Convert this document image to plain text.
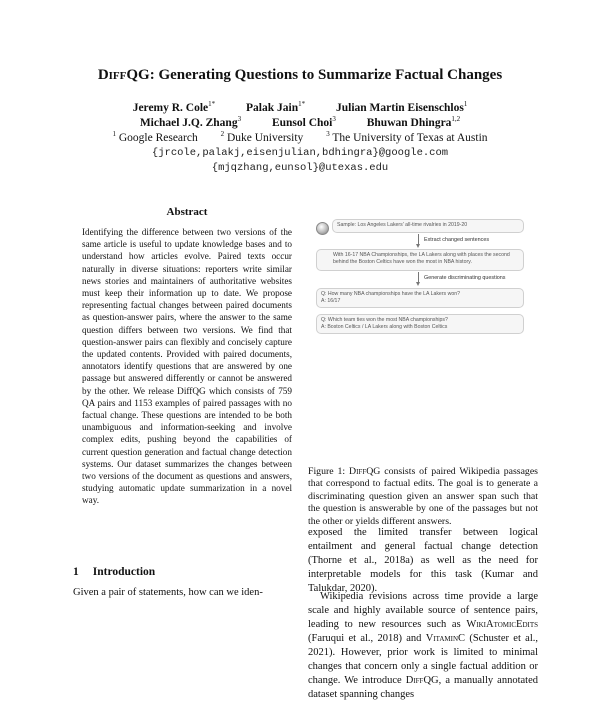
DiffQG: Generating Questions to Summarize Factual Changes
Jeremy R. Cole$^{1*}$	Palak Jain$^{1*}$	Julian Martin Eisenschlos$^1$
Michael J.Q. Zhang$^3$	Eunsol Choi$^3$	Bhuwan Dhingra$^{1,2}$
$^1$ Google Research	$^2$ Duke University	$^3$ The University of Texas at Austin
{jrcole,palakj,eisenjulian,bdhingra}@google.com
{mjqzhang,eunsol}@utexas.edu
Abstract
Identifying the difference between two versions of the same article is useful to update knowledge bases and to understand how articles evolve. Paired texts occur naturally in diverse situations: reporters write similar news stories and maintainers of authoritative websites must keep their information up to date. We propose representing factual changes between paired documents as question-answer pairs, where the answer to the same question differs between two versions. We find that question-answer pairs can flexibly and concisely capture the updated contents. Provided with paired documents, annotators identify questions that are answered by one passage but answered differently or cannot be answered by the other. We release DiffQG which consists of 759 QA pairs and 1153 examples of paired passages with no factual change. These questions are intended to be both unambiguous and information-seeking and involve complex edits, pushing beyond the capabilities of current question generation and factual change detection systems. Our dataset summarizes the changes between two versions of the document as questions and answers, studying automatic update summarization in a novel way.
1 Introduction
Given a pair of statements, how can we iden-
Sample: Los Angeles Lakers' all-time rivalries in 2019-20
Extract changed sentences
With 16-17 NBA Championships, the LA Lakers along with places the second behind the Boston Celtics have won the most in NBA history.
Generate discriminating questions
Q: How many NBA championships have the LA Lakers won?
A: 16/17
Q: Which team ties won the most NBA championships?
A: Boston Celtics / LA Lakers along with Boston Celtics
Figure 1: DiffQG consists of paired Wikipedia passages that correspond to factual edits. The goal is to generate a discriminating question given an answer span such that the question is answerable by one of the passages but not the other or yields different answers.
exposed the limited transfer between logical entailment and general factual change detection (Thorne et al., 2018a) as well as the need for interpretable models for this task (Kumar and Talukdar, 2020).
Wikipedia revisions across time provide a large scale and highly available source of sentence pairs, leading to new resources such as WikiAtomicEdits (Faruqui et al., 2018) and VitaminC (Schuster et al., 2021). However, prior work is limited to minimal changes that concern only a single factual addition or change. We introduce DiffQG, a manually annotated dataset spanning changes
